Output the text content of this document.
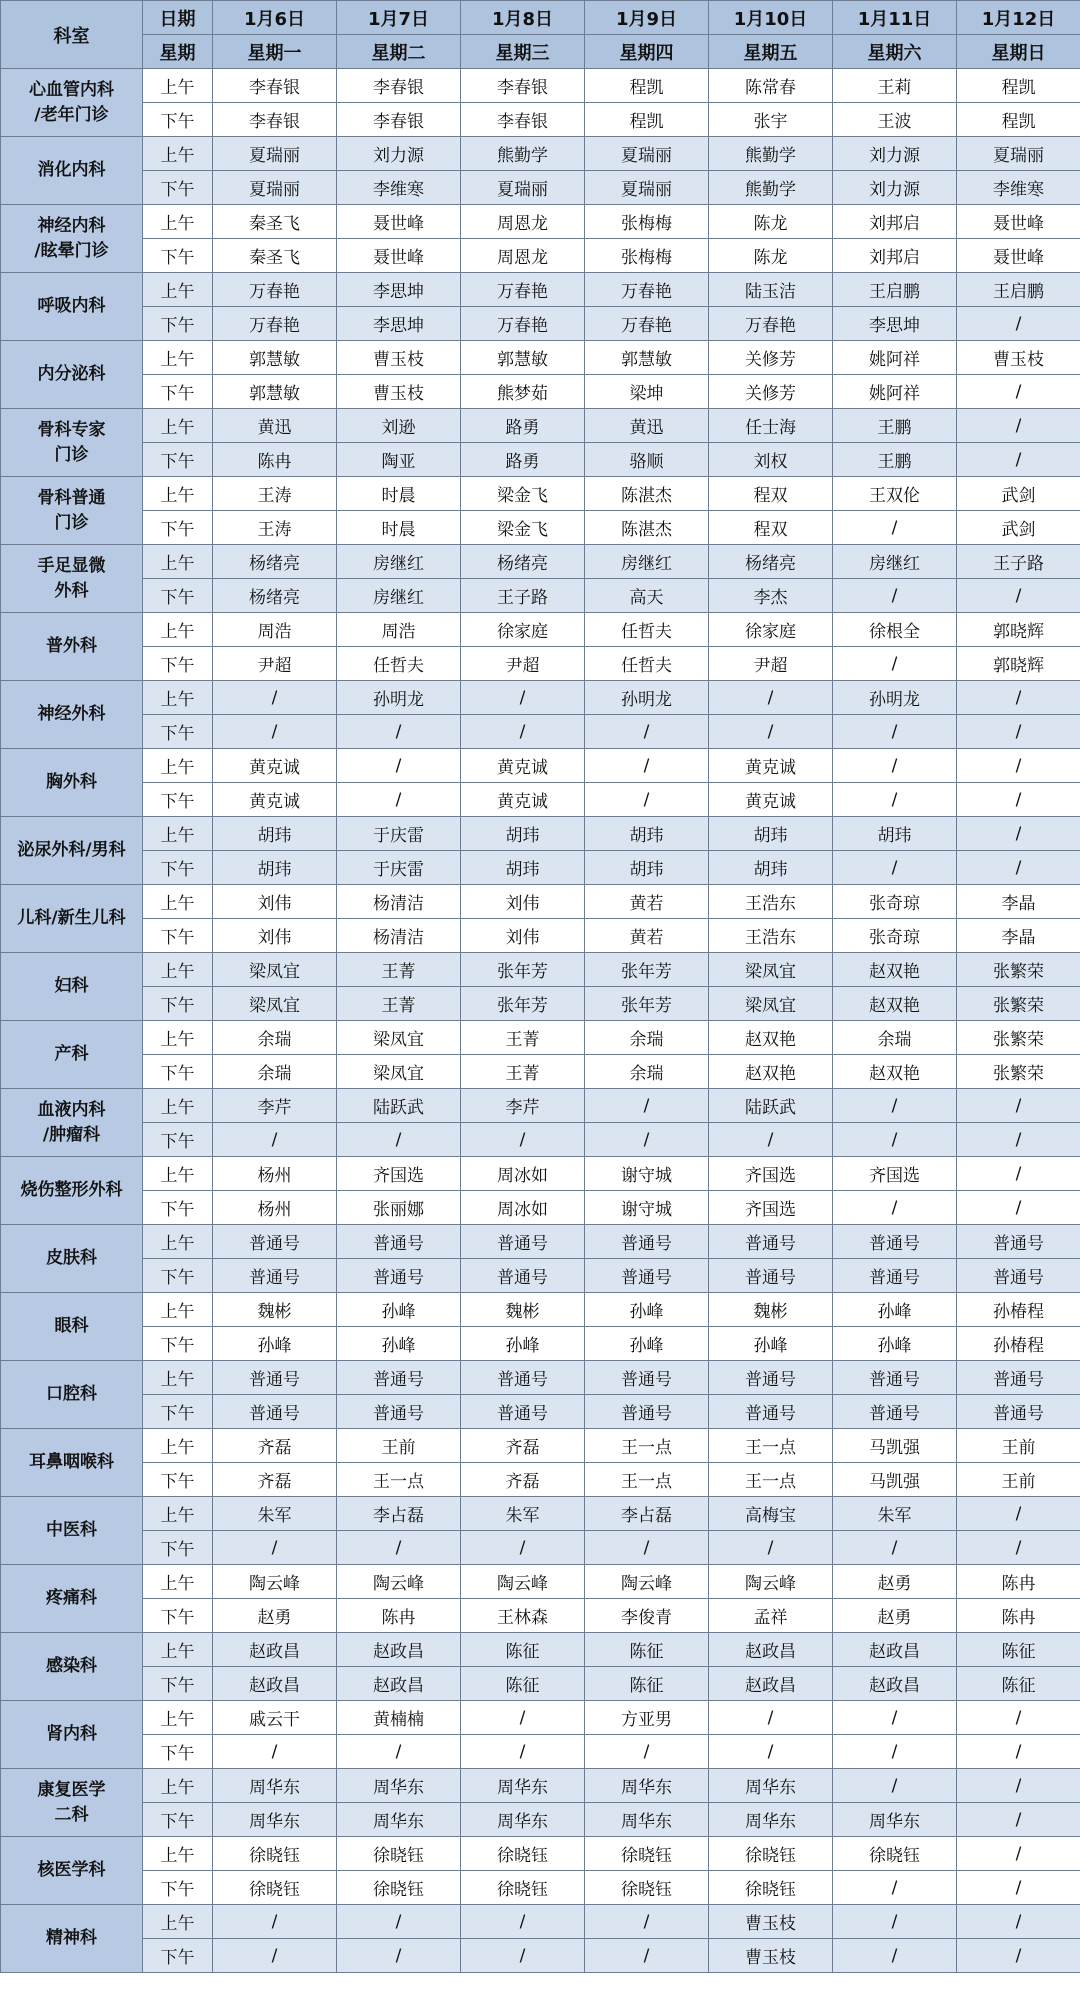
科室	日期	1月6日	1月7日	1月8日	1月9日	1月10日	1月11日	1月12日
	星期	星期一	星期二	星期三	星期四	星期五	星期六	星期日
心血管内科
/老年门诊	上午	李春银	李春银	李春银	程凯	陈常春	王莉	程凯
	下午	李春银	李春银	李春银	程凯	张宇	王波	程凯
消化内科	上午	夏瑞丽	刘力源	熊勤学	夏瑞丽	熊勤学	刘力源	夏瑞丽
	下午	夏瑞丽	李维寒	夏瑞丽	夏瑞丽	熊勤学	刘力源	李维寒
神经内科
/眩晕门诊	上午	秦圣飞	聂世峰	周恩龙	张梅梅	陈龙	刘邦启	聂世峰
	下午	秦圣飞	聂世峰	周恩龙	张梅梅	陈龙	刘邦启	聂世峰
呼吸内科	上午	万春艳	李思坤	万春艳	万春艳	陆玉洁	王启鹏	王启鹏
	下午	万春艳	李思坤	万春艳	万春艳	万春艳	李思坤	/
内分泌科	上午	郭慧敏	曹玉枝	郭慧敏	郭慧敏	关修芳	姚阿祥	曹玉枝
	下午	郭慧敏	曹玉枝	熊梦茹	梁坤	关修芳	姚阿祥	/
骨科专家
门诊	上午	黄迅	刘逊	路勇	黄迅	任士海	王鹏	/
	下午	陈冉	陶亚	路勇	骆顺	刘权	王鹏	/
骨科普通
门诊	上午	王涛	时晨	梁金飞	陈湛杰	程双	王双伦	武剑
	下午	王涛	时晨	梁金飞	陈湛杰	程双	/	武剑
手足显微
外科	上午	杨绪亮	房继红	杨绪亮	房继红	杨绪亮	房继红	王子路
	下午	杨绪亮	房继红	王子路	高天	李杰	/	/
普外科	上午	周浩	周浩	徐家庭	任哲夫	徐家庭	徐根全	郭晓辉
	下午	尹超	任哲夫	尹超	任哲夫	尹超	/	郭晓辉
神经外科	上午	/	孙明龙	/	孙明龙	/	孙明龙	/
	下午	/	/	/	/	/	/	/
胸外科	上午	黄克诚	/	黄克诚	/	黄克诚	/	/
	下午	黄克诚	/	黄克诚	/	黄克诚	/	/
泌尿外科/男科	上午	胡玮	于庆雷	胡玮	胡玮	胡玮	胡玮	/
	下午	胡玮	于庆雷	胡玮	胡玮	胡玮	/	/
儿科/新生儿科	上午	刘伟	杨清洁	刘伟	黄若	王浩东	张奇琼	李晶
	下午	刘伟	杨清洁	刘伟	黄若	王浩东	张奇琼	李晶
妇科	上午	梁凤宜	王菁	张年芳	张年芳	梁凤宜	赵双艳	张繁荣
	下午	梁凤宜	王菁	张年芳	张年芳	梁凤宜	赵双艳	张繁荣
产科	上午	余瑞	梁凤宜	王菁	余瑞	赵双艳	余瑞	张繁荣
	下午	余瑞	梁凤宜	王菁	余瑞	赵双艳	赵双艳	张繁荣
血液内科
/肿瘤科	上午	李芹	陆跃武	李芹	/	陆跃武	/	/
	下午	/	/	/	/	/	/	/
烧伤整形外科	上午	杨州	齐国选	周冰如	谢守城	齐国选	齐国选	/
	下午	杨州	张丽娜	周冰如	谢守城	齐国选	/	/
皮肤科	上午	普通号	普通号	普通号	普通号	普通号	普通号	普通号
	下午	普通号	普通号	普通号	普通号	普通号	普通号	普通号
眼科	上午	魏彬	孙峰	魏彬	孙峰	魏彬	孙峰	孙椿程
	下午	孙峰	孙峰	孙峰	孙峰	孙峰	孙峰	孙椿程
口腔科	上午	普通号	普通号	普通号	普通号	普通号	普通号	普通号
	下午	普通号	普通号	普通号	普通号	普通号	普通号	普通号
耳鼻咽喉科	上午	齐磊	王前	齐磊	王一点	王一点	马凯强	王前
	下午	齐磊	王一点	齐磊	王一点	王一点	马凯强	王前
中医科	上午	朱军	李占磊	朱军	李占磊	高梅宝	朱军	/
	下午	/	/	/	/	/	/	/
疼痛科	上午	陶云峰	陶云峰	陶云峰	陶云峰	陶云峰	赵勇	陈冉
	下午	赵勇	陈冉	王林森	李俊青	孟祥	赵勇	陈冉
感染科	上午	赵政昌	赵政昌	陈征	陈征	赵政昌	赵政昌	陈征
	下午	赵政昌	赵政昌	陈征	陈征	赵政昌	赵政昌	陈征
肾内科	上午	戚云干	黄楠楠	/	方亚男	/	/	/
	下午	/	/	/	/	/	/	/
康复医学
二科	上午	周华东	周华东	周华东	周华东	周华东	/	/
	下午	周华东	周华东	周华东	周华东	周华东	周华东	/
核医学科	上午	徐晓钰	徐晓钰	徐晓钰	徐晓钰	徐晓钰	徐晓钰	/
	下午	徐晓钰	徐晓钰	徐晓钰	徐晓钰	徐晓钰	/	/
精神科	上午	/	/	/	/	曹玉枝	/	/
	下午	/	/	/	/	曹玉枝	/	/
